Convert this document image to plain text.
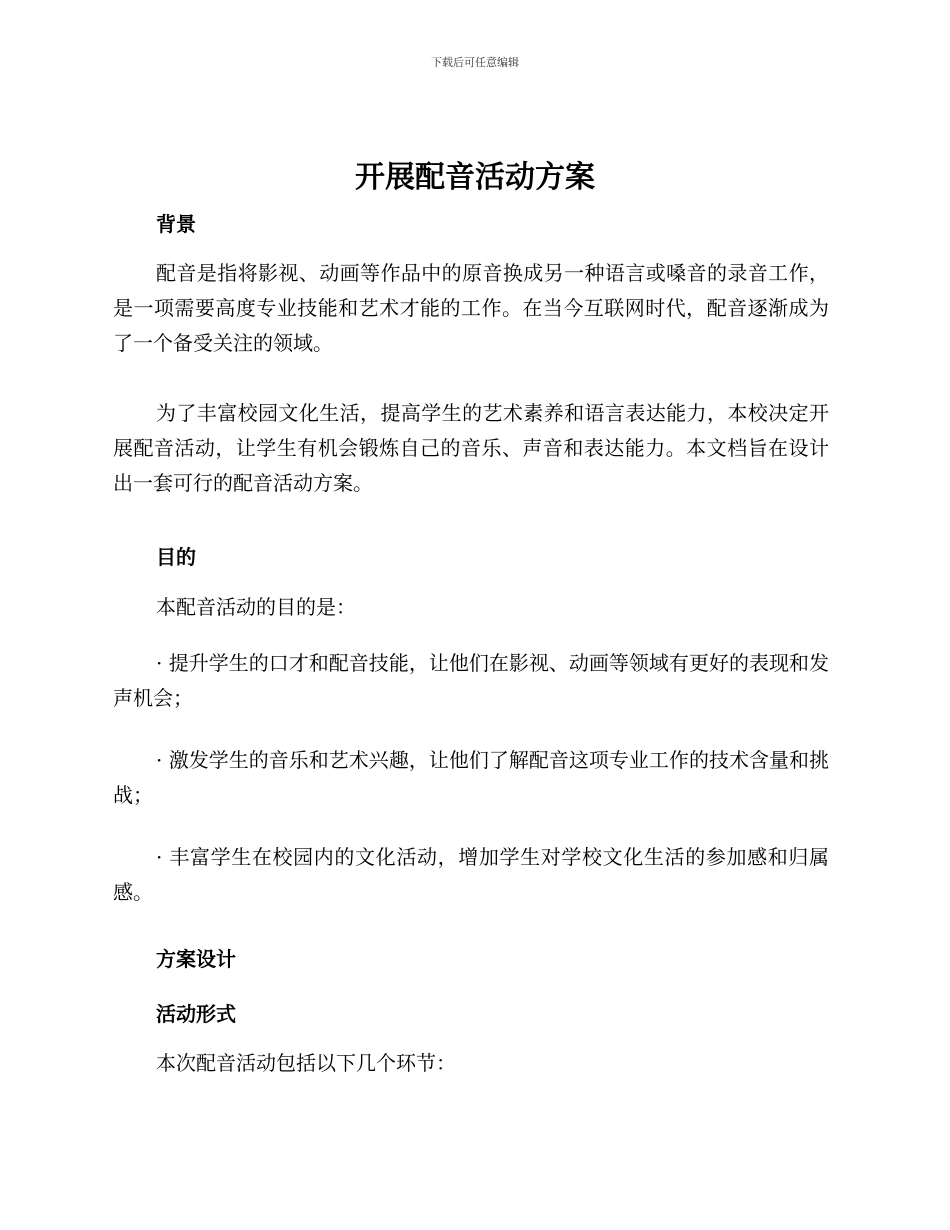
下载后可任意编辑
开展配音活动方案
背景

配音是指将影视、动画等作品中的原音换成另一种语言或嗓音的录音工作，是一项需要高度专业技能和艺术才能的工作。在当今互联网时代，配音逐渐成为了一个备受关注的领域。

为了丰富校园文化生活，提高学生的艺术素养和语言表达能力，本校决定开展配音活动，让学生有机会锻炼自己的音乐、声音和表达能力。本文档旨在设计出一套可行的配音活动方案。

目的

本配音活动的目的是：

· 提升学生的口才和配音技能，让他们在影视、动画等领域有更好的表现和发声机会；

· 激发学生的音乐和艺术兴趣，让他们了解配音这项专业工作的技术含量和挑战；

· 丰富学生在校园内的文化活动，增加学生对学校文化生活的参加感和归属感。

方案设计
活动形式

本次配音活动包括以下几个环节：
